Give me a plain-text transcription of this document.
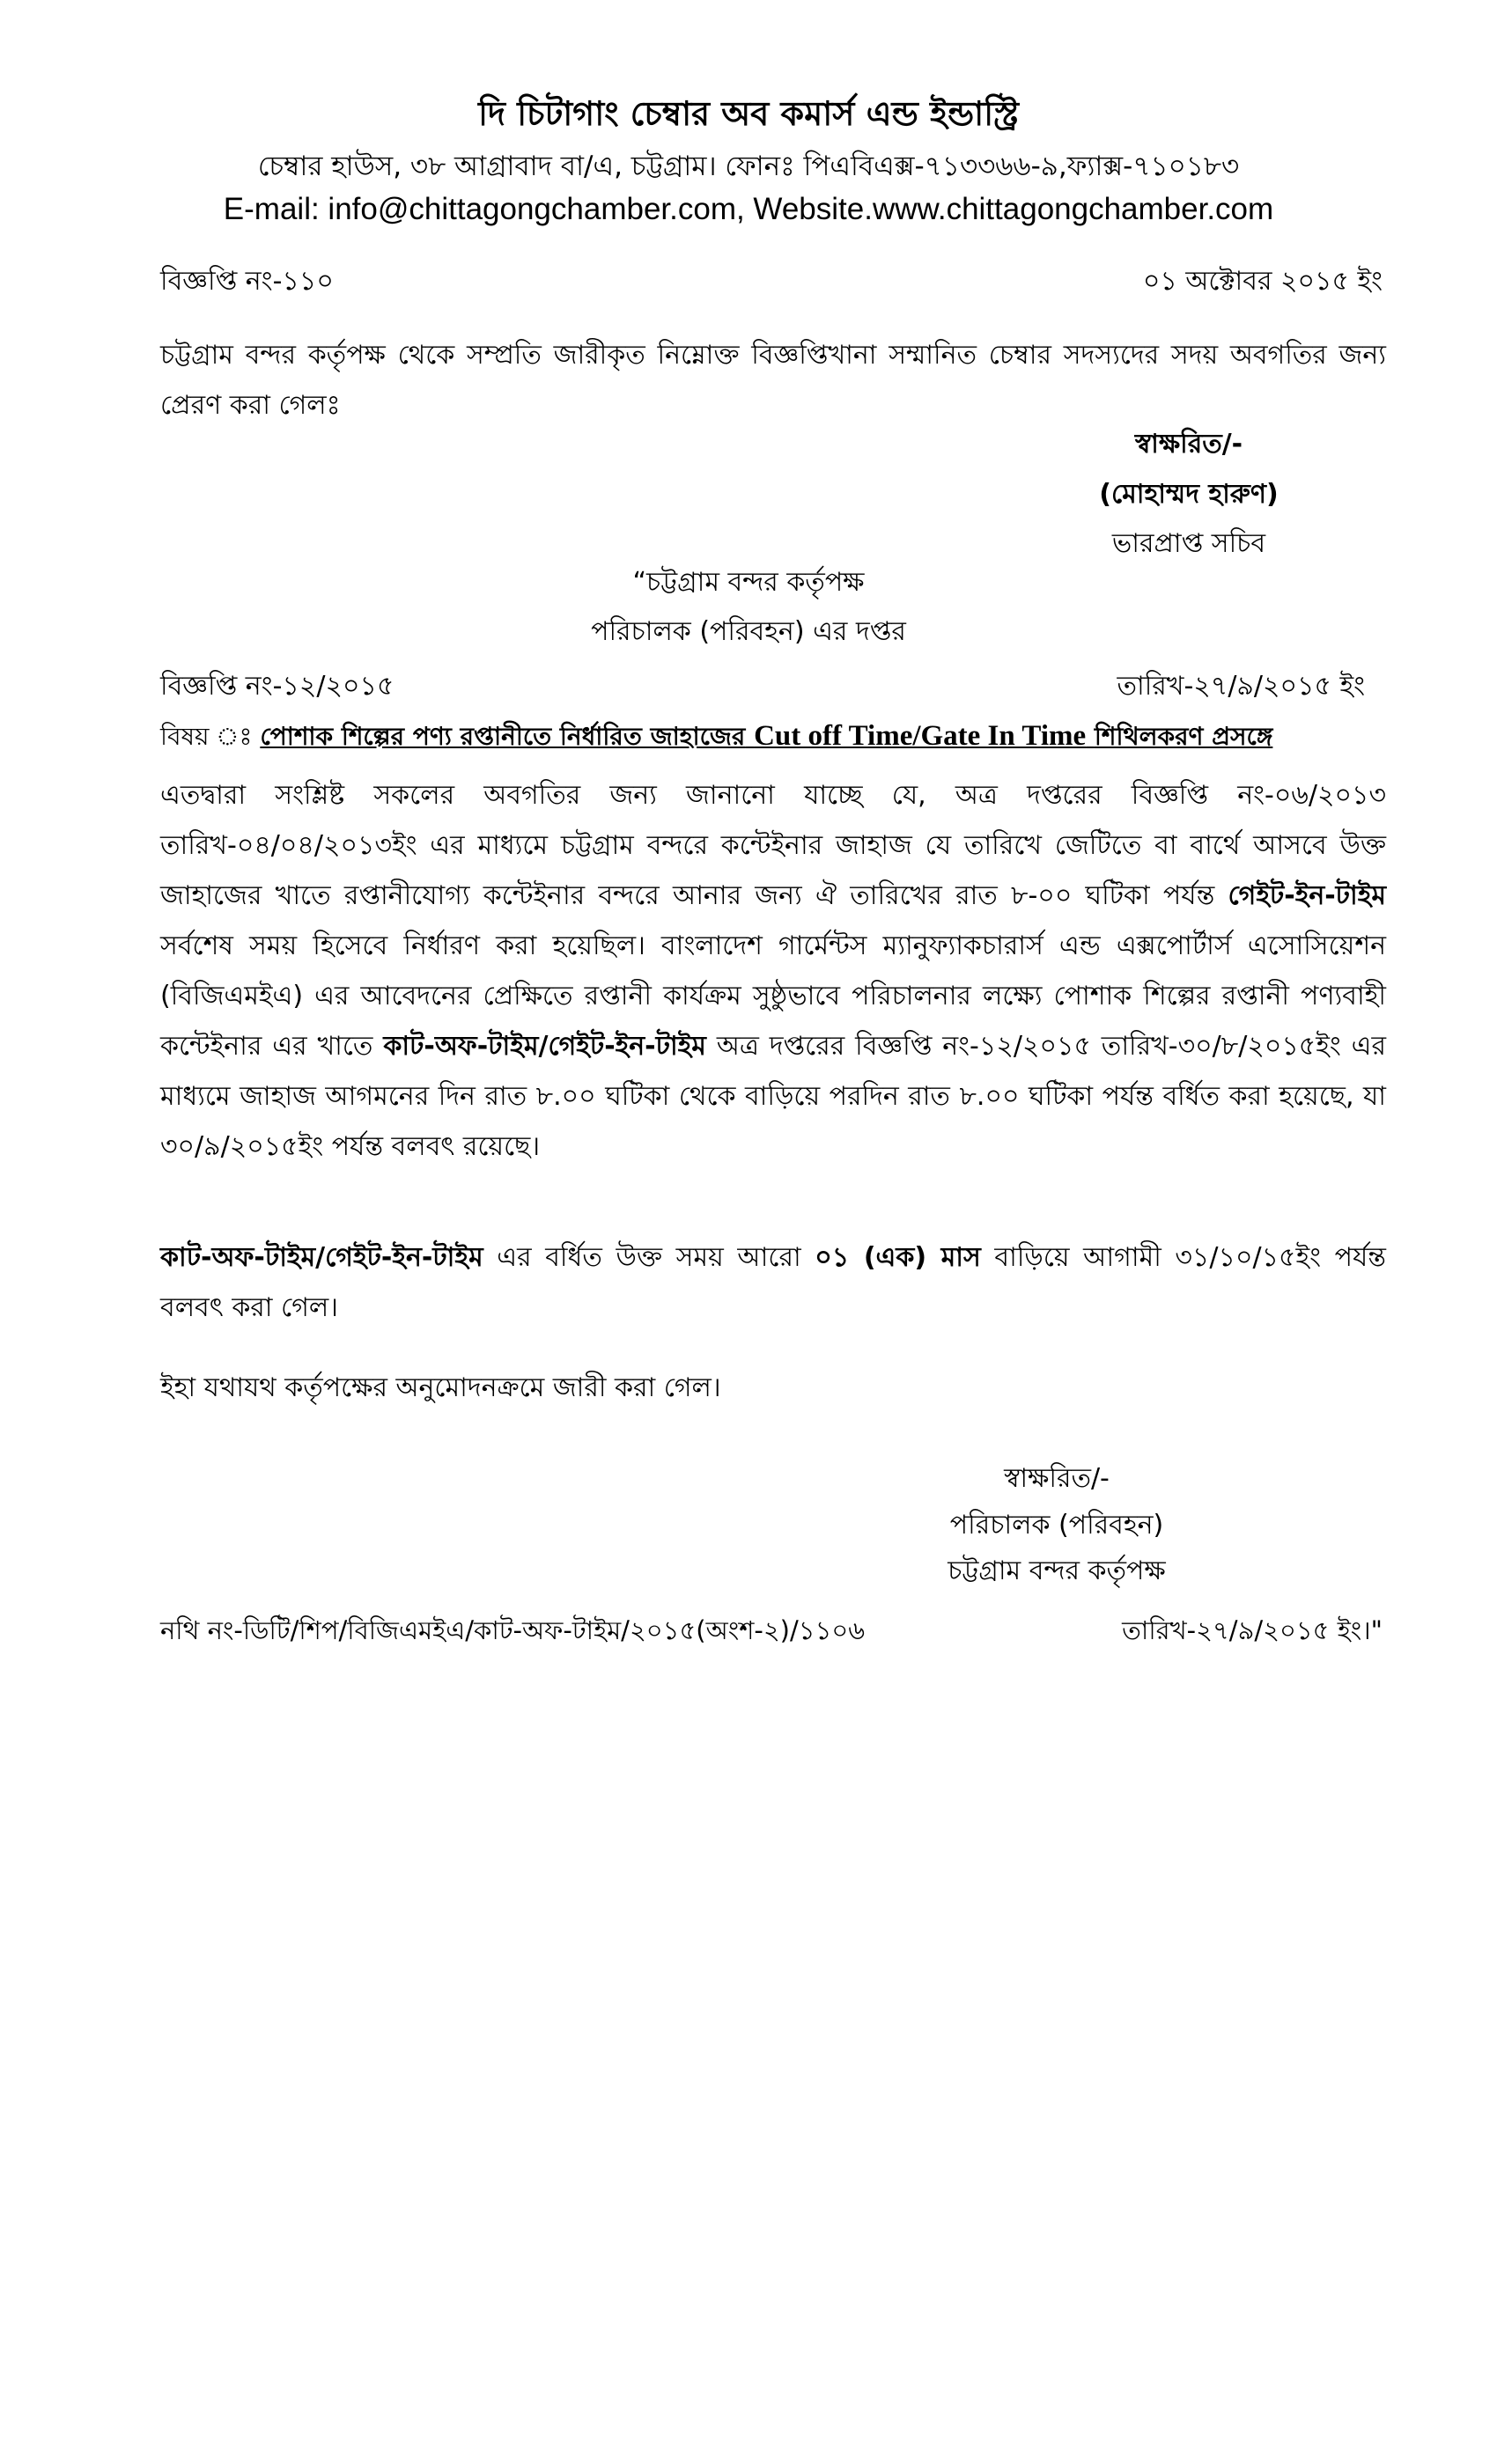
দি চিটাগাং চেম্বার অব কমার্স এন্ড ইন্ডাস্ট্রি
চেম্বার হাউস, ৩৮ আগ্রাবাদ বা/এ, চট্টগ্রাম। ফোনঃ পিএবিএক্স-৭১৩৩৬৬-৯,ফ্যাক্স-৭১০১৮৩
E-mail: info@chittagongchamber.com, Website.www.chittagongchamber.com
বিজ্ঞপ্তি নং-১১০	০১ অক্টোবর ২০১৫ ইং
চট্টগ্রাম বন্দর কর্তৃপক্ষ থেকে সম্প্রতি জারীকৃত নিম্নোক্ত বিজ্ঞপ্তিখানা সম্মানিত চেম্বার সদস্যদের সদয় অবগতির জন্য প্রেরণ করা গেলঃ
স্বাক্ষরিত/-
(মোহাম্মদ হারুণ)
ভারপ্রাপ্ত সচিব
“চট্টগ্রাম বন্দর কর্তৃপক্ষ
পরিচালক (পরিবহন) এর দপ্তর
বিজ্ঞপ্তি নং-১২/২০১৫	তারিখ-২৭/৯/২০১৫ ইং
বিষয় ঃ পোশাক শিল্পের পণ্য রপ্তানীতে নির্ধারিত জাহাজের Cut off Time/Gate In Time শিথিলকরণ প্রসঙ্গে
এতদ্বারা সংশ্লিষ্ট সকলের অবগতির জন্য জানানো যাচ্ছে যে, অত্র দপ্তরের বিজ্ঞপ্তি নং-০৬/২০১৩ তারিখ-০৪/০৪/২০১৩ইং এর মাধ্যমে চট্টগ্রাম বন্দরে কন্টেইনার জাহাজ যে তারিখে জেটিতে বা বার্থে আসবে উক্ত জাহাজের খাতে রপ্তানীযোগ্য কন্টেইনার বন্দরে আনার জন্য ঐ তারিখের রাত ৮-০০ ঘটিকা পর্যন্ত গেইট-ইন-টাইম সর্বশেষ সময় হিসেবে নির্ধারণ করা হয়েছিল। বাংলাদেশ গার্মেন্টস ম্যানুফ্যাকচারার্স এন্ড এক্সপোর্টার্স এসোসিয়েশন (বিজিএমইএ) এর আবেদনের প্রেক্ষিতে রপ্তানী কার্যক্রম সুষ্ঠুভাবে পরিচালনার লক্ষ্যে পোশাক শিল্পের রপ্তানী পণ্যবাহী কন্টেইনার এর খাতে কাট-অফ-টাইম/গেইট-ইন-টাইম অত্র দপ্তরের বিজ্ঞপ্তি নং-১২/২০১৫ তারিখ-৩০/৮/২০১৫ইং এর মাধ্যমে জাহাজ আগমনের দিন রাত ৮.০০ ঘটিকা থেকে বাড়িয়ে পরদিন রাত ৮.০০ ঘটিকা পর্যন্ত বর্ধিত করা হয়েছে, যা ৩০/৯/২০১৫ইং পর্যন্ত বলবৎ রয়েছে।
কাট-অফ-টাইম/গেইট-ইন-টাইম এর বর্ধিত উক্ত সময় আরো ০১ (এক) মাস বাড়িয়ে আগামী ৩১/১০/১৫ইং পর্যন্ত বলবৎ করা গেল।
ইহা যথাযথ কর্তৃপক্ষের অনুমোদনক্রমে জারী করা গেল।
স্বাক্ষরিত/-
পরিচালক (পরিবহন)
চট্টগ্রাম বন্দর কর্তৃপক্ষ
নথি নং-ডিটি/শিপ/বিজিএমইএ/কাট-অফ-টাইম/২০১৫(অংশ-২)/১১০৬	তারিখ-২৭/৯/২০১৫ ইং।"
